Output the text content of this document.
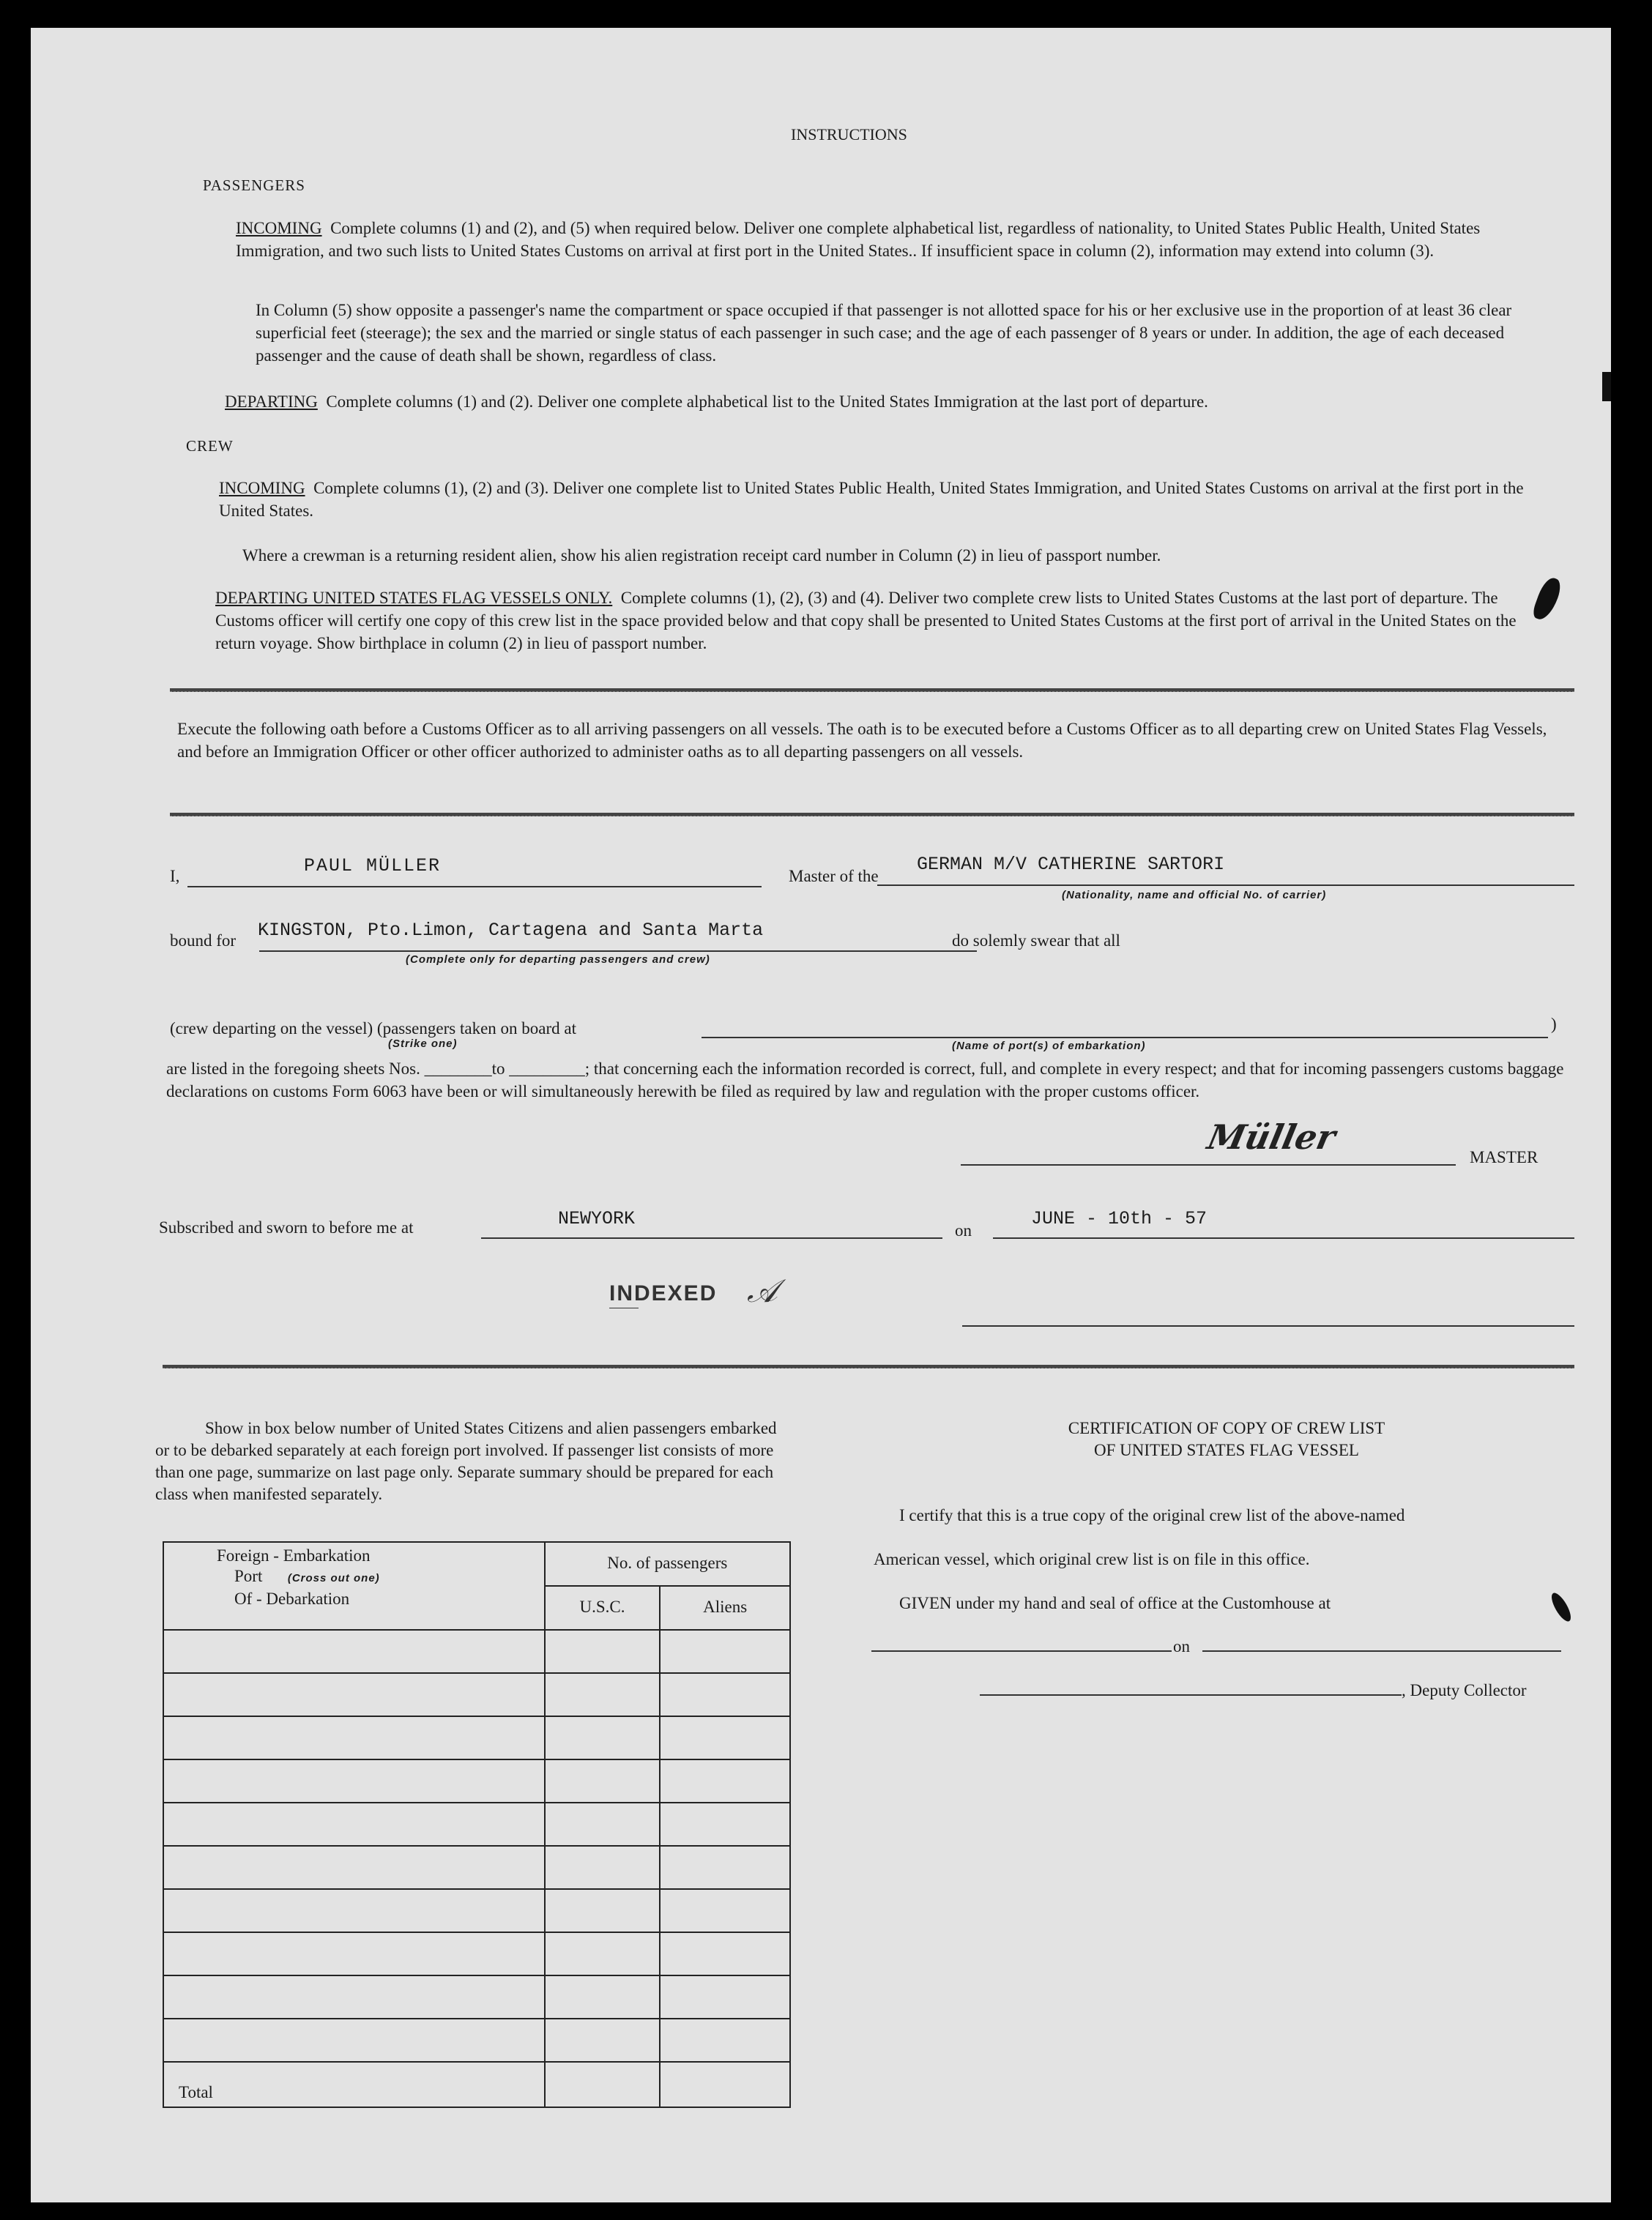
INSTRUCTIONS
PASSENGERS
INCOMING Complete columns (1) and (2), and (5) when required below. Deliver one complete alphabetical list, regardless of nationality, to United States Public Health, United States Immigration, and two such lists to United States Customs on arrival at first port in the United States.. If insufficient space in column (2), information may extend into column (3).
In Column (5) show opposite a passenger's name the compartment or space occupied if that passenger is not allotted space for his or her exclusive use in the proportion of at least 36 clear superficial feet (steerage); the sex and the married or single status of each passenger in such case; and the age of each passenger of 8 years or under. In addition, the age of each deceased passenger and the cause of death shall be shown, regardless of class.
DEPARTING Complete columns (1) and (2). Deliver one complete alphabetical list to the United States Immigration at the last port of departure.
CREW
INCOMING Complete columns (1), (2) and (3). Deliver one complete list to United States Public Health, United States Immigration, and United States Customs on arrival at the first port in the United States.
Where a crewman is a returning resident alien, show his alien registration receipt card number in Column (2) in lieu of passport number.
DEPARTING UNITED STATES FLAG VESSELS ONLY. Complete columns (1), (2), (3) and (4). Deliver two complete crew lists to United States Customs at the last port of departure. The Customs officer will certify one copy of this crew list in the space provided below and that copy shall be presented to United States Customs at the first port of arrival in the United States on the return voyage. Show birthplace in column (2) in lieu of passport number.
Execute the following oath before a Customs Officer as to all arriving passengers on all vessels. The oath is to be executed before a Customs Officer as to all departing crew on United States Flag Vessels, and before an Immigration Officer or other officer authorized to administer oaths as to all departing passengers on all vessels.
I,	PAUL MÜLLER	Master of the
GERMAN M/V CATHERINE SARTORI
(Nationality, name and official No. of carrier)
bound for KINGSTON, Pto.Limon, Cartagena and Santa Marta
(Complete only for departing passengers and crew)
do solemly swear that all
(crew departing on the vessel) (passengers taken on board at
(Strike one)	(Name of port(s) of embarkation)
)
are listed in the foregoing sheets Nos. ________to _________; that concerning each the information recorded is correct, full, and complete in every respect; and that for incoming passengers customs baggage declarations on customs Form 6063 have been or will simultaneously herewith be filed as required by law and regulation with the proper customs officer.
Müller
MASTER
Subscribed and sworn to before me at	NEWYORK
on
JUNE - 10th - 57
INDEXED 𝒜
Show in box below number of United States Citizens and alien passengers embarked or to be debarked separately at each foreign port involved. If passenger list consists of more than one page, summarize on last page only. Separate summary should be prepared for each class when manifested separately.
Foreign - Embarkation
Port (Cross out one)
Of - Debarkation	No. of passengers	
	U.S.C.	Aliens

Total		
CERTIFICATION OF COPY OF CREW LIST
OF UNITED STATES FLAG VESSEL
I certify that this is a true copy of the original crew list of the above-named
American vessel, which original crew list is on file in this office.
GIVEN under my hand and seal of office at the Customhouse at
on
, Deputy Collector
